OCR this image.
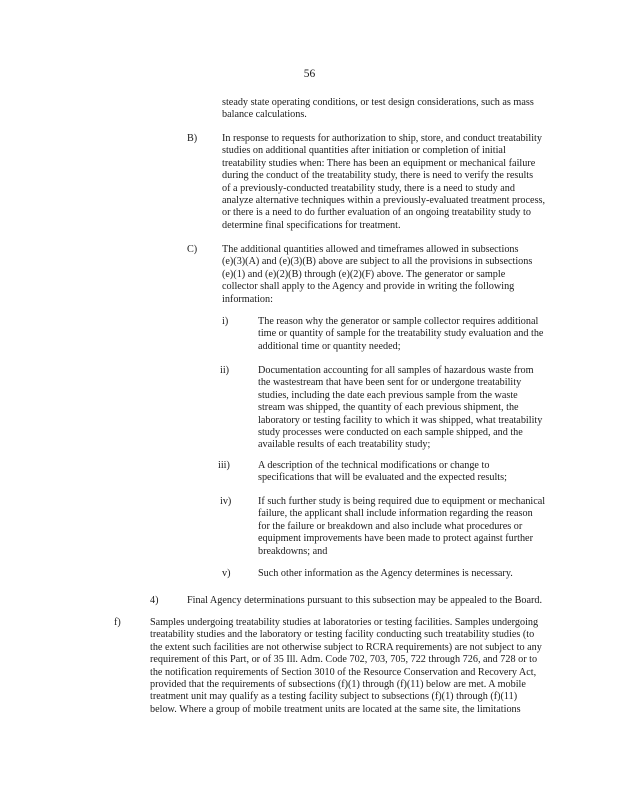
56
steady state operating conditions, or test design considerations, such as mass
balance calculations.
B) In response to requests for authorization to ship, store, and conduct treatability
studies on additional quantities after initiation or completion of initial
treatability studies when: There has been an equipment or mechanical failure
during the conduct of the treatability study, there is need to verify the results
of a previously-conducted treatability study, there is a need to study and
analyze alternative techniques within a previously-evaluated treatment process,
or there is a need to do further evaluation of an ongoing treatability study to
determine final specifications for treatment.
C) The additional quantities allowed and timeframes allowed in subsections
(e)(3)(A) and (e)(3)(B) above are subject to all the provisions in subsections
(e)(1) and (e)(2)(B) through (e)(2)(F) above. The generator or sample
collector shall apply to the Agency and provide in writing the following
information:
i)	The reason why the generator or sample collector requires additional
time or quantity of sample for the treatability study evaluation and the
additional time or quantity needed;
ii)	Documentation accounting for all samples of hazardous waste from
the wastestream that have been sent for or undergone treatability
studies, including the date each previous sample from the waste
stream was shipped, the quantity of each previous shipment, the
laboratory or testing facility to which it was shipped, what treatability
study processes were conducted on each sample shipped, and the
available results of each treatability study;
iii)	A description of the technical modifications or change to
specifications that will be evaluated and the expected results;
iv)	If such further study is being required due to equipment or mechanical
failure, the applicant shall include information regarding the reason
for the failure or breakdown and also include what procedures or
equipment improvements have been made to protect against further
breakdowns; and
v)	Such other information as the Agency determines is necessary.
4)	Final Agency determinations pursuant to this subsection may be appealed to the Board.
f)	Samples undergoing treatability studies at laboratories or testing facilities. Samples undergoing
treatability studies and the laboratory or testing facility conducting such treatability studies (to
the extent such facilities are not otherwise subject to RCRA requirements) are not subject to any
requirement of this Part, or of 35 Ill. Adm. Code 702, 703, 705, 722 through 726, and 728 or to
the notification requirements of Section 3010 of the Resource Conservation and Recovery Act,
provided that the requirements of subsections (f)(1) through (f)(11) below are met. A mobile
treatment unit may qualify as a testing facility subject to subsections (f)(1) through (f)(11)
below. Where a group of mobile treatment units are located at the same site, the limitations
